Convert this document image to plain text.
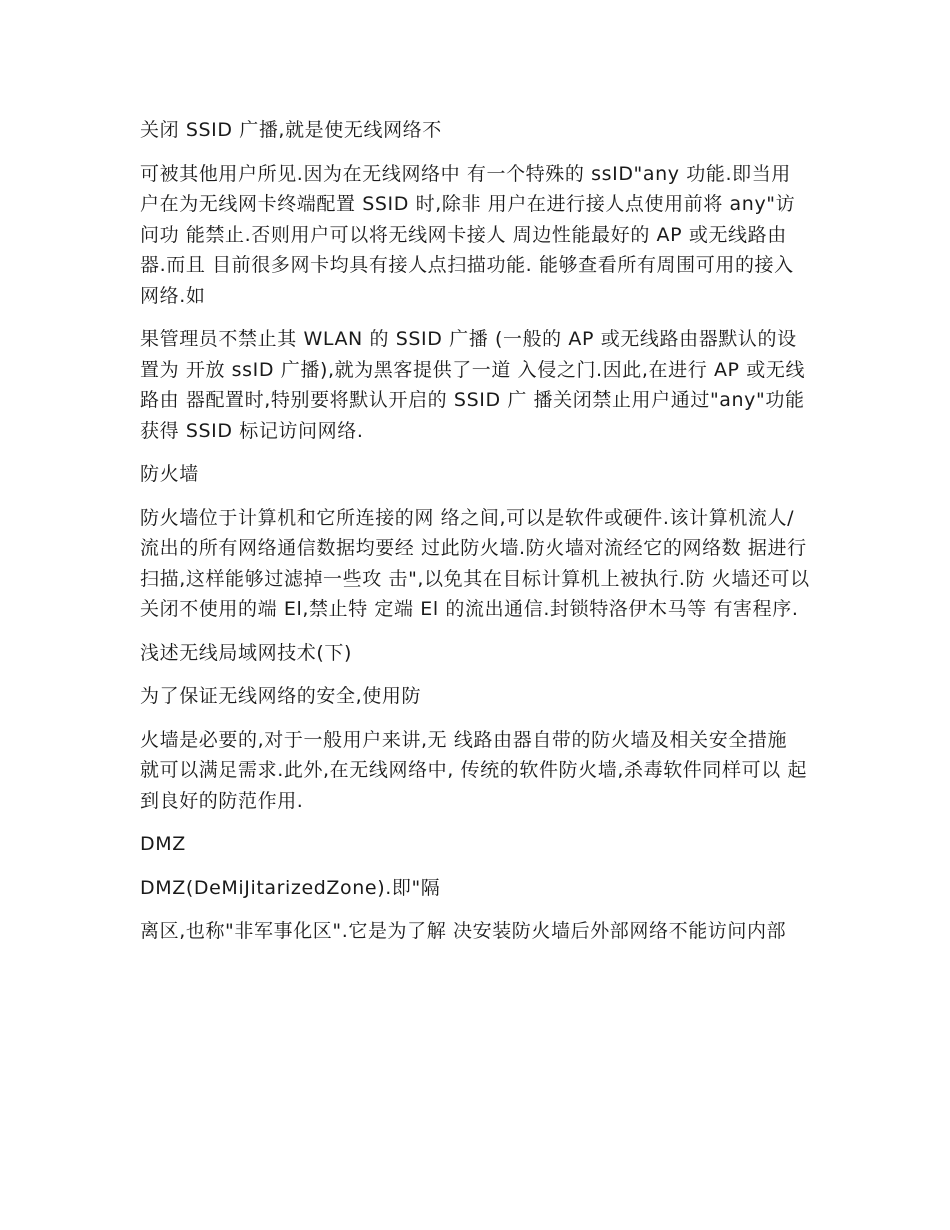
关闭 SSID 广播,就是使无线网络不

可被其他用户所见.因为在无线网络中 有一个特殊的 ssID"any 功能.即当用 户在为无线网卡终端配置 SSID 时,除非 用户在进行接人点使用前将 any"访问功 能禁止.否则用户可以将无线网卡接人 周边性能最好的 AP 或无线路由器.而且 目前很多网卡均具有接人点扫描功能. 能够查看所有周围可用的接入网络.如

果管理员不禁止其 WLAN 的 SSID 广播 (一般的 AP 或无线路由器默认的设置为 开放 ssID 广播),就为黑客提供了一道 入侵之门.因此,在进行 AP 或无线路由 器配置时,特别要将默认开启的 SSID 广 播关闭禁止用户通过"any"功能获得 SSID 标记访问网络.

防火墙

防火墙位于计算机和它所连接的网 络之间,可以是软件或硬件.该计算机流人/流出的所有网络通信数据均要经 过此防火墙.防火墙对流经它的网络数 据进行扫描,这样能够过滤掉一些攻 击",以免其在目标计算机上被执行.防 火墙还可以关闭不使用的端 El,禁止特 定端 El 的流出通信.封锁特洛伊木马等 有害程序.

浅述无线局域网技术(下)

为了保证无线网络的安全,使用防

火墙是必要的,对于一般用户来讲,无 线路由器自带的防火墙及相关安全措施 就可以满足需求.此外,在无线网络中, 传统的软件防火墙,杀毒软件同样可以 起到良好的防范作用.

DMZ

DMZ(DeMiJitarizedZone).即"隔

离区,也称"非军事化区".它是为了解 决安装防火墙后外部网络不能访问内部
